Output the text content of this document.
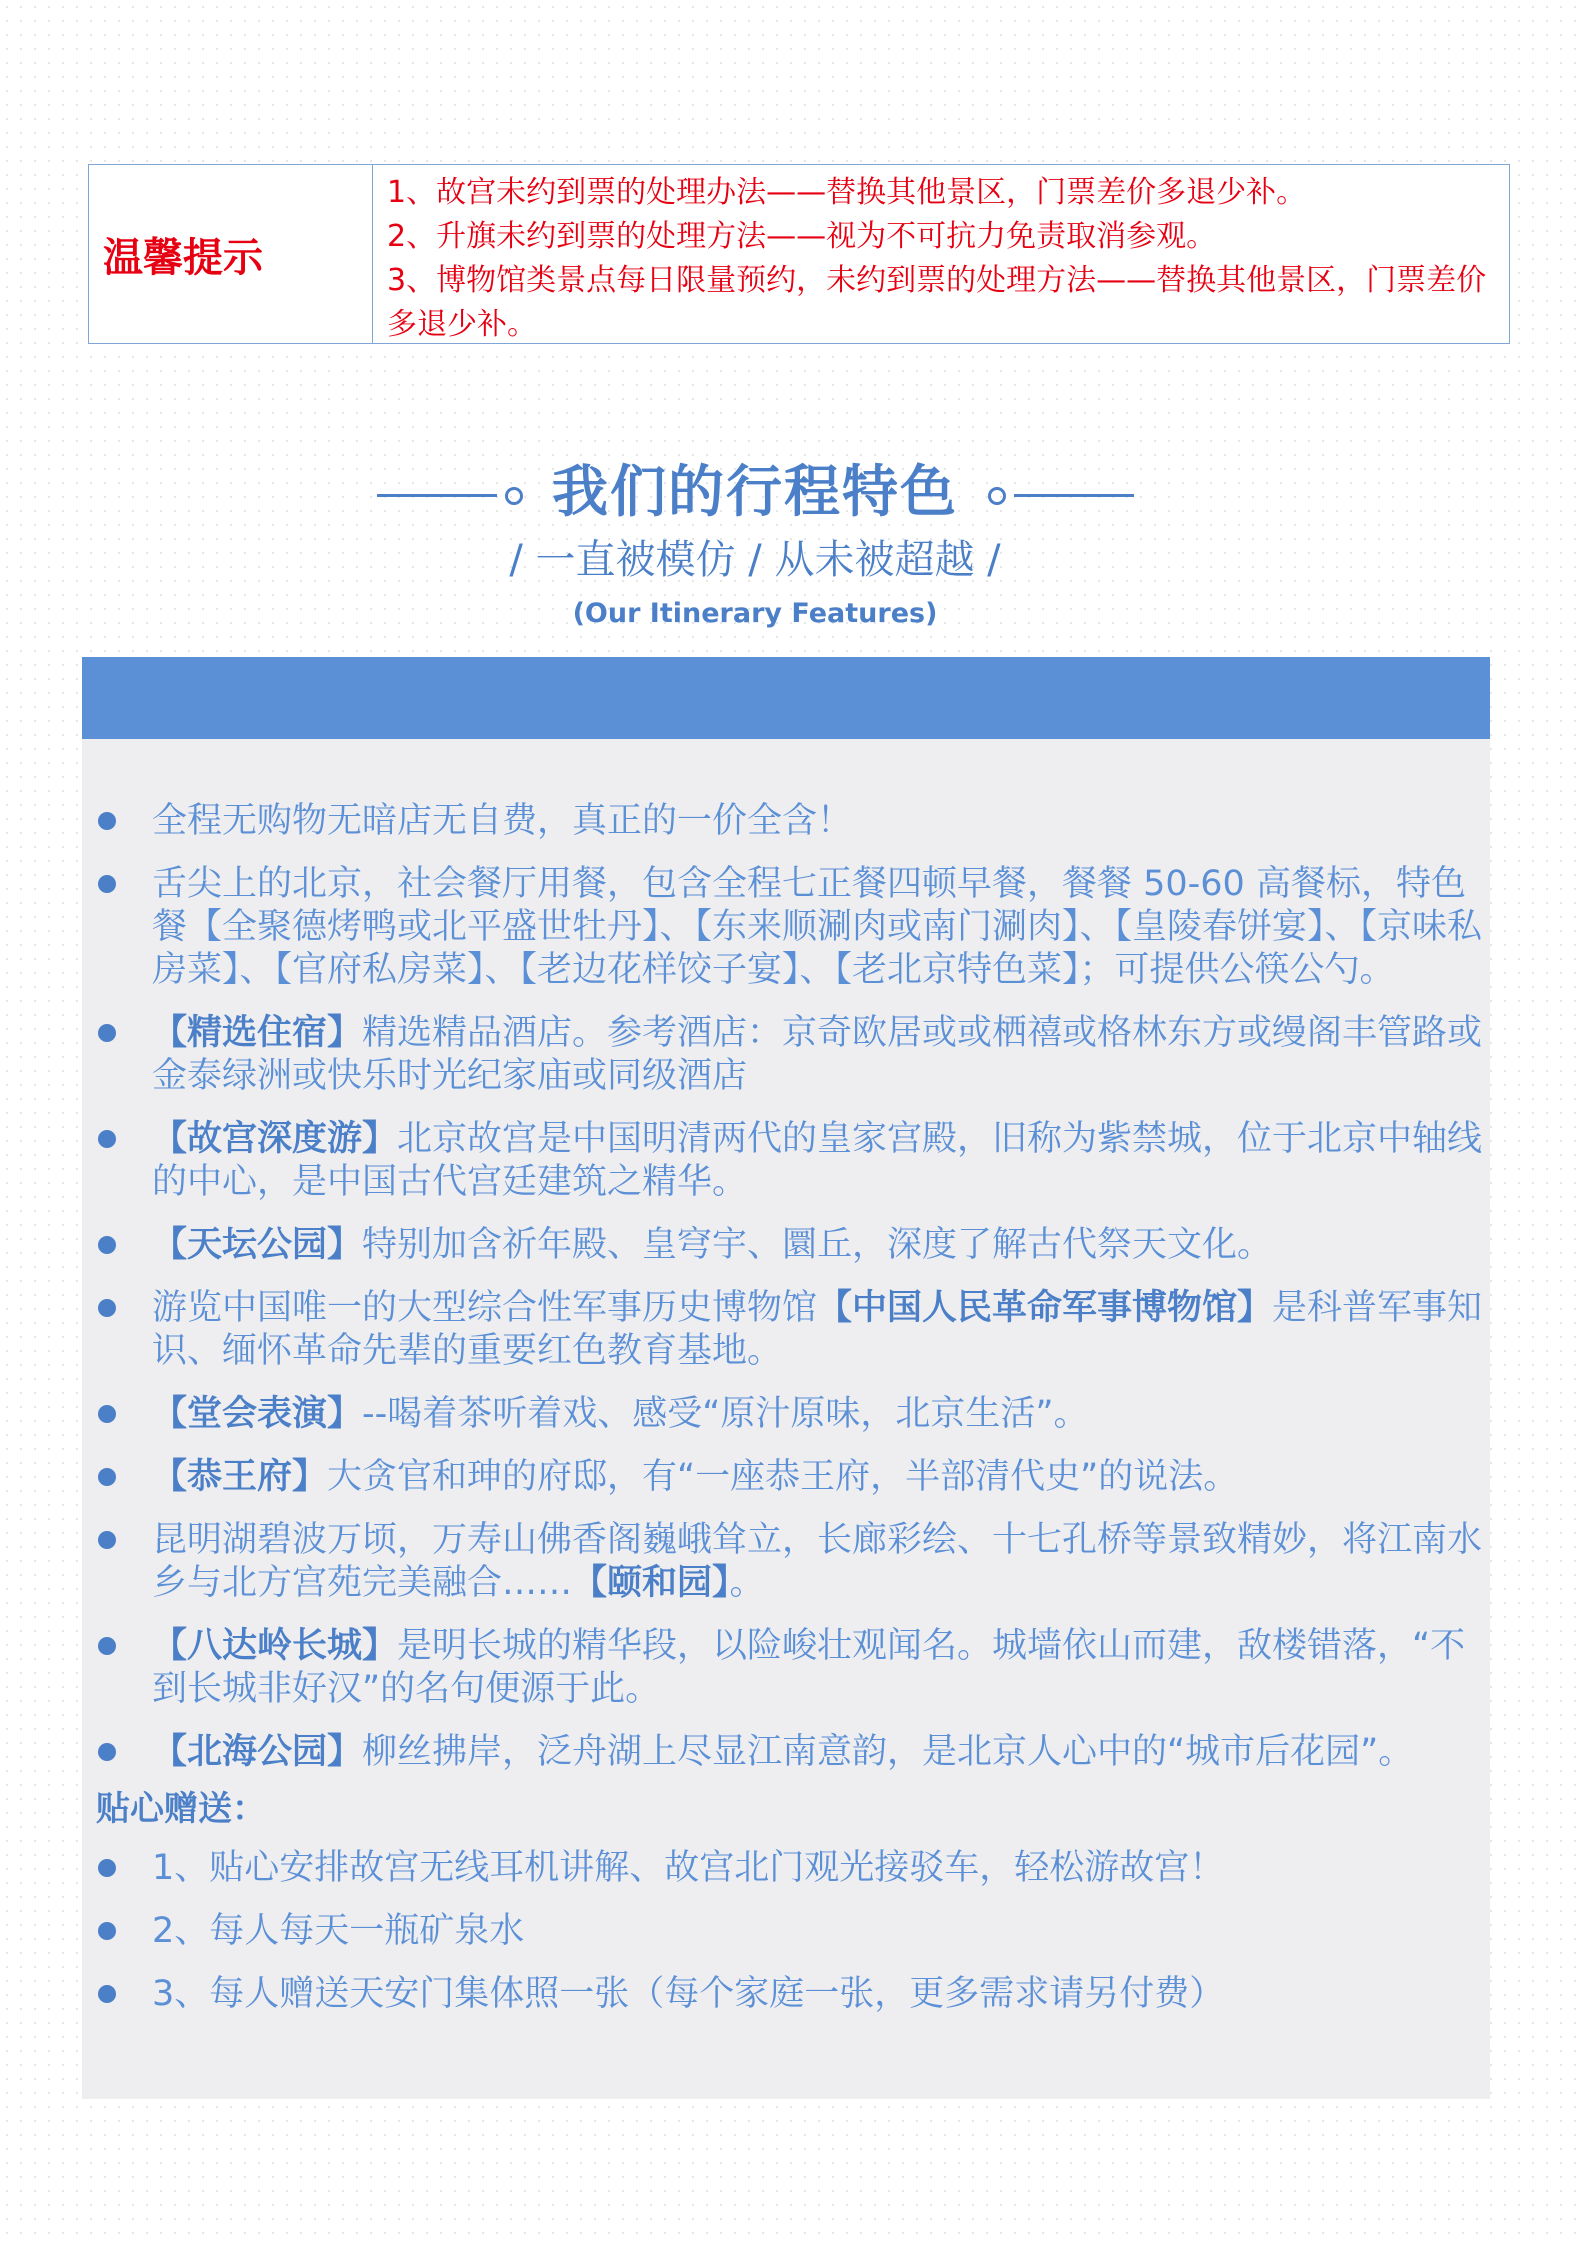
温馨提示
1、故宫未约到票的处理办法——替换其他景区，门票差价多退少补。
2、升旗未约到票的处理方法——视为不可抗力免责取消参观。
3、博物馆类景点每日限量预约，未约到票的处理方法——替换其他景区，门票差价多退少补。
我们的行程特色
/ 一直被模仿 / 从未被超越 /
(Our Itinerary Features)
全程无购物无暗店无自费，真正的一价全含！
舌尖上的北京，社会餐厅用餐，包含全程七正餐四顿早餐，餐餐 50-60 高餐标，特色餐【全聚德烤鸭或北平盛世牡丹】、【东来顺涮肉或南门涮肉】、【皇陵春饼宴】、【京味私房菜】、【官府私房菜】、【老边花样饺子宴】、【老北京特色菜】；可提供公筷公勺。
【精选住宿】精选精品酒店。参考酒店：京奇欧居或或栖禧或格林东方或缦阁丰管路或金泰绿洲或快乐时光纪家庙或同级酒店
【故宫深度游】北京故宫是中国明清两代的皇家宫殿，旧称为紫禁城，位于北京中轴线的中心，是中国古代宫廷建筑之精华。
【天坛公园】特别加含祈年殿、皇穹宇、圜丘，深度了解古代祭天文化。
游览中国唯一的大型综合性军事历史博物馆【中国人民革命军事博物馆】是科普军事知识、缅怀革命先辈的重要红色教育基地。
【堂会表演】--喝着茶听着戏、感受“原汁原味，北京生活”。
【恭王府】大贪官和珅的府邸，有“一座恭王府，半部清代史”的说法。
昆明湖碧波万顷，万寿山佛香阁巍峨耸立，长廊彩绘、十七孔桥等景致精妙，将江南水乡与北方宫苑完美融合……【颐和园】。
【八达岭长城】是明长城的精华段，以险峻壮观闻名。城墙依山而建，敌楼错落，“不到长城非好汉”的名句便源于此。
【北海公园】柳丝拂岸，泛舟湖上尽显江南意韵，是北京人心中的“城市后花园”。
贴心赠送：
1、贴心安排故宫无线耳机讲解、故宫北门观光接驳车，轻松游故宫！
2、每人每天一瓶矿泉水
3、每人赠送天安门集体照一张（每个家庭一张，更多需求请另付费）
